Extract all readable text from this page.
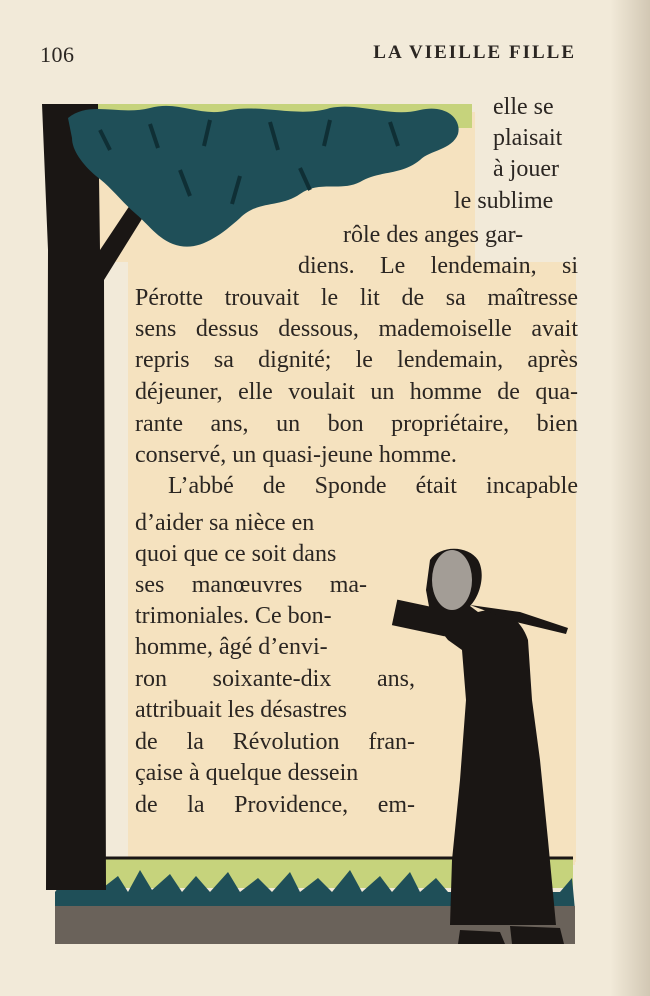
106	LA VIEILLE FILLE
elle se
plaisait
à jouer
le sublime
rôle des anges gar-
diens. Le lendemain, si
Pérotte trouvait le lit de sa maîtresse
sens dessus dessous, mademoiselle avait
repris sa dignité; le lendemain, après
déjeuner, elle voulait un homme de qua-
rante ans, un bon propriétaire, bien
conservé, un quasi-jeune homme.
L’abbé de Sponde était incapable
d’aider sa nièce en
quoi que ce soit dans
ses manœuvres ma-
trimoniales. Ce bon-
homme, âgé d’envi-
ron soixante-dix ans,
attribuait les désastres
de la Révolution fran-
çaise à quelque dessein
de la Providence, em-
